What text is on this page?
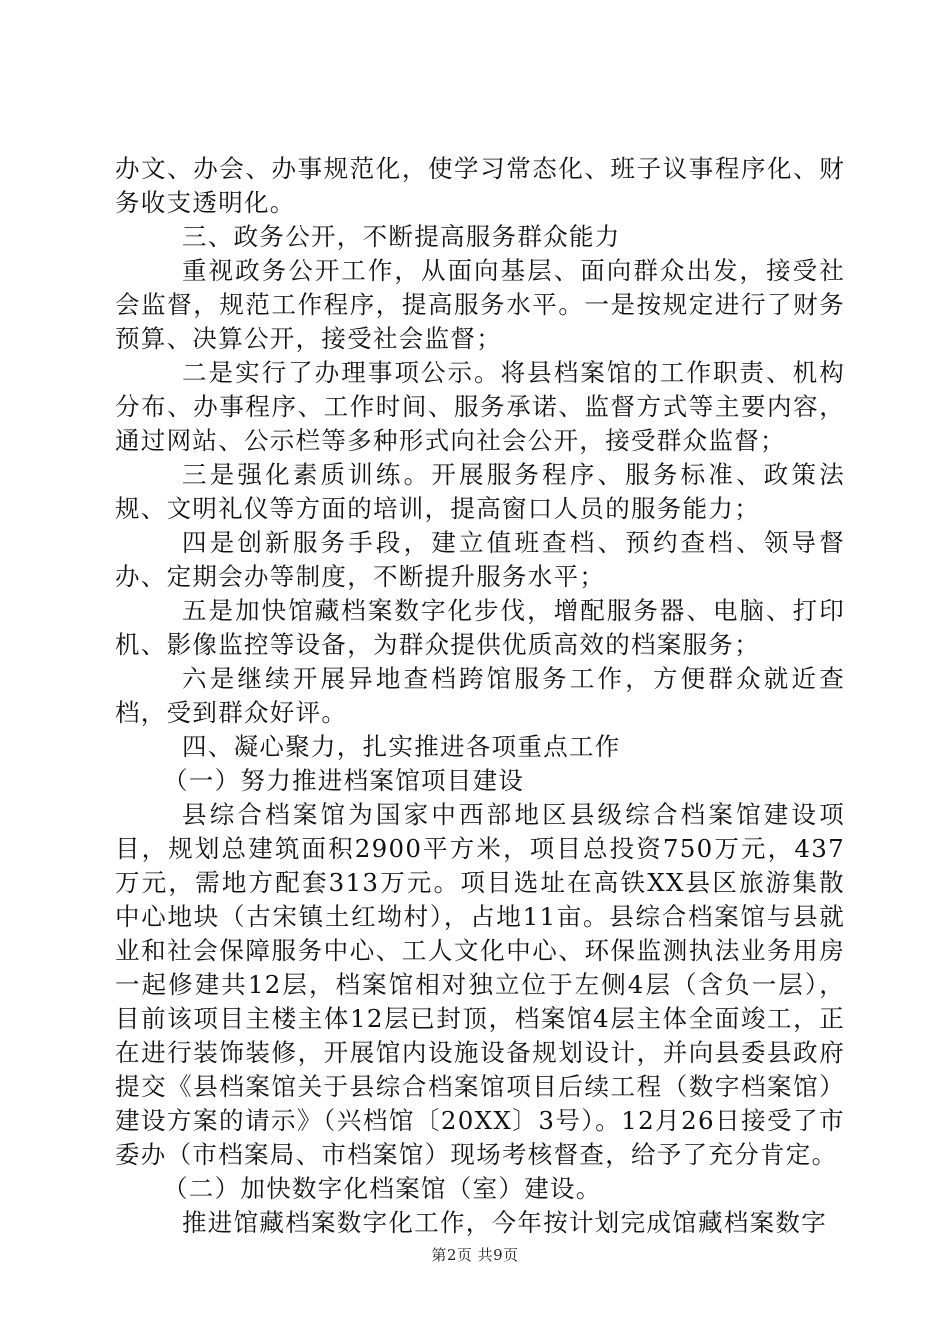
办文、办会、办事规范化，使学习常态化、班子议事程序化、财务收支透明化。

三、政务公开，不断提高服务群众能力

重视政务公开工作，从面向基层、面向群众出发，接受社会监督，规范工作程序，提高服务水平。一是按规定进行了财务预算、决算公开，接受社会监督；

二是实行了办理事项公示。将县档案馆的工作职责、机构分布、办事程序、工作时间、服务承诺、监督方式等主要内容，通过网站、公示栏等多种形式向社会公开，接受群众监督；

三是强化素质训练。开展服务程序、服务标准、政策法规、文明礼仪等方面的培训，提高窗口人员的服务能力；

四是创新服务手段，建立值班查档、预约查档、领导督办、定期会办等制度，不断提升服务水平；

五是加快馆藏档案数字化步伐，增配服务器、电脑、打印机、影像监控等设备，为群众提供优质高效的档案服务；

六是继续开展异地查档跨馆服务工作，方便群众就近查档，受到群众好评。

四、凝心聚力，扎实推进各项重点工作

（一）努力推进档案馆项目建设

县综合档案馆为国家中西部地区县级综合档案馆建设项目，规划总建筑面积2900平方米，项目总投资750万元，437万元，需地方配套313万元。项目选址在高铁XX县区旅游集散中心地块（古宋镇土红坳村），占地11亩。县综合档案馆与县就业和社会保障服务中心、工人文化中心、环保监测执法业务用房一起修建共12层，档案馆相对独立位于左侧4层（含负一层），目前该项目主楼主体12层已封顶，档案馆4层主体全面竣工，正在进行装饰装修，开展馆内设施设备规划设计，并向县委县政府提交《县档案馆关于县综合档案馆项目后续工程（数字档案馆）建设方案的请示》（兴档馆〔20XX〕3号）。12月26日接受了市委办（市档案局、市档案馆）现场考核督查，给予了充分肯定。

（二）加快数字化档案馆（室）建设。

推进馆藏档案数字化工作，今年按计划完成馆藏档案数字

第2页 共9页
